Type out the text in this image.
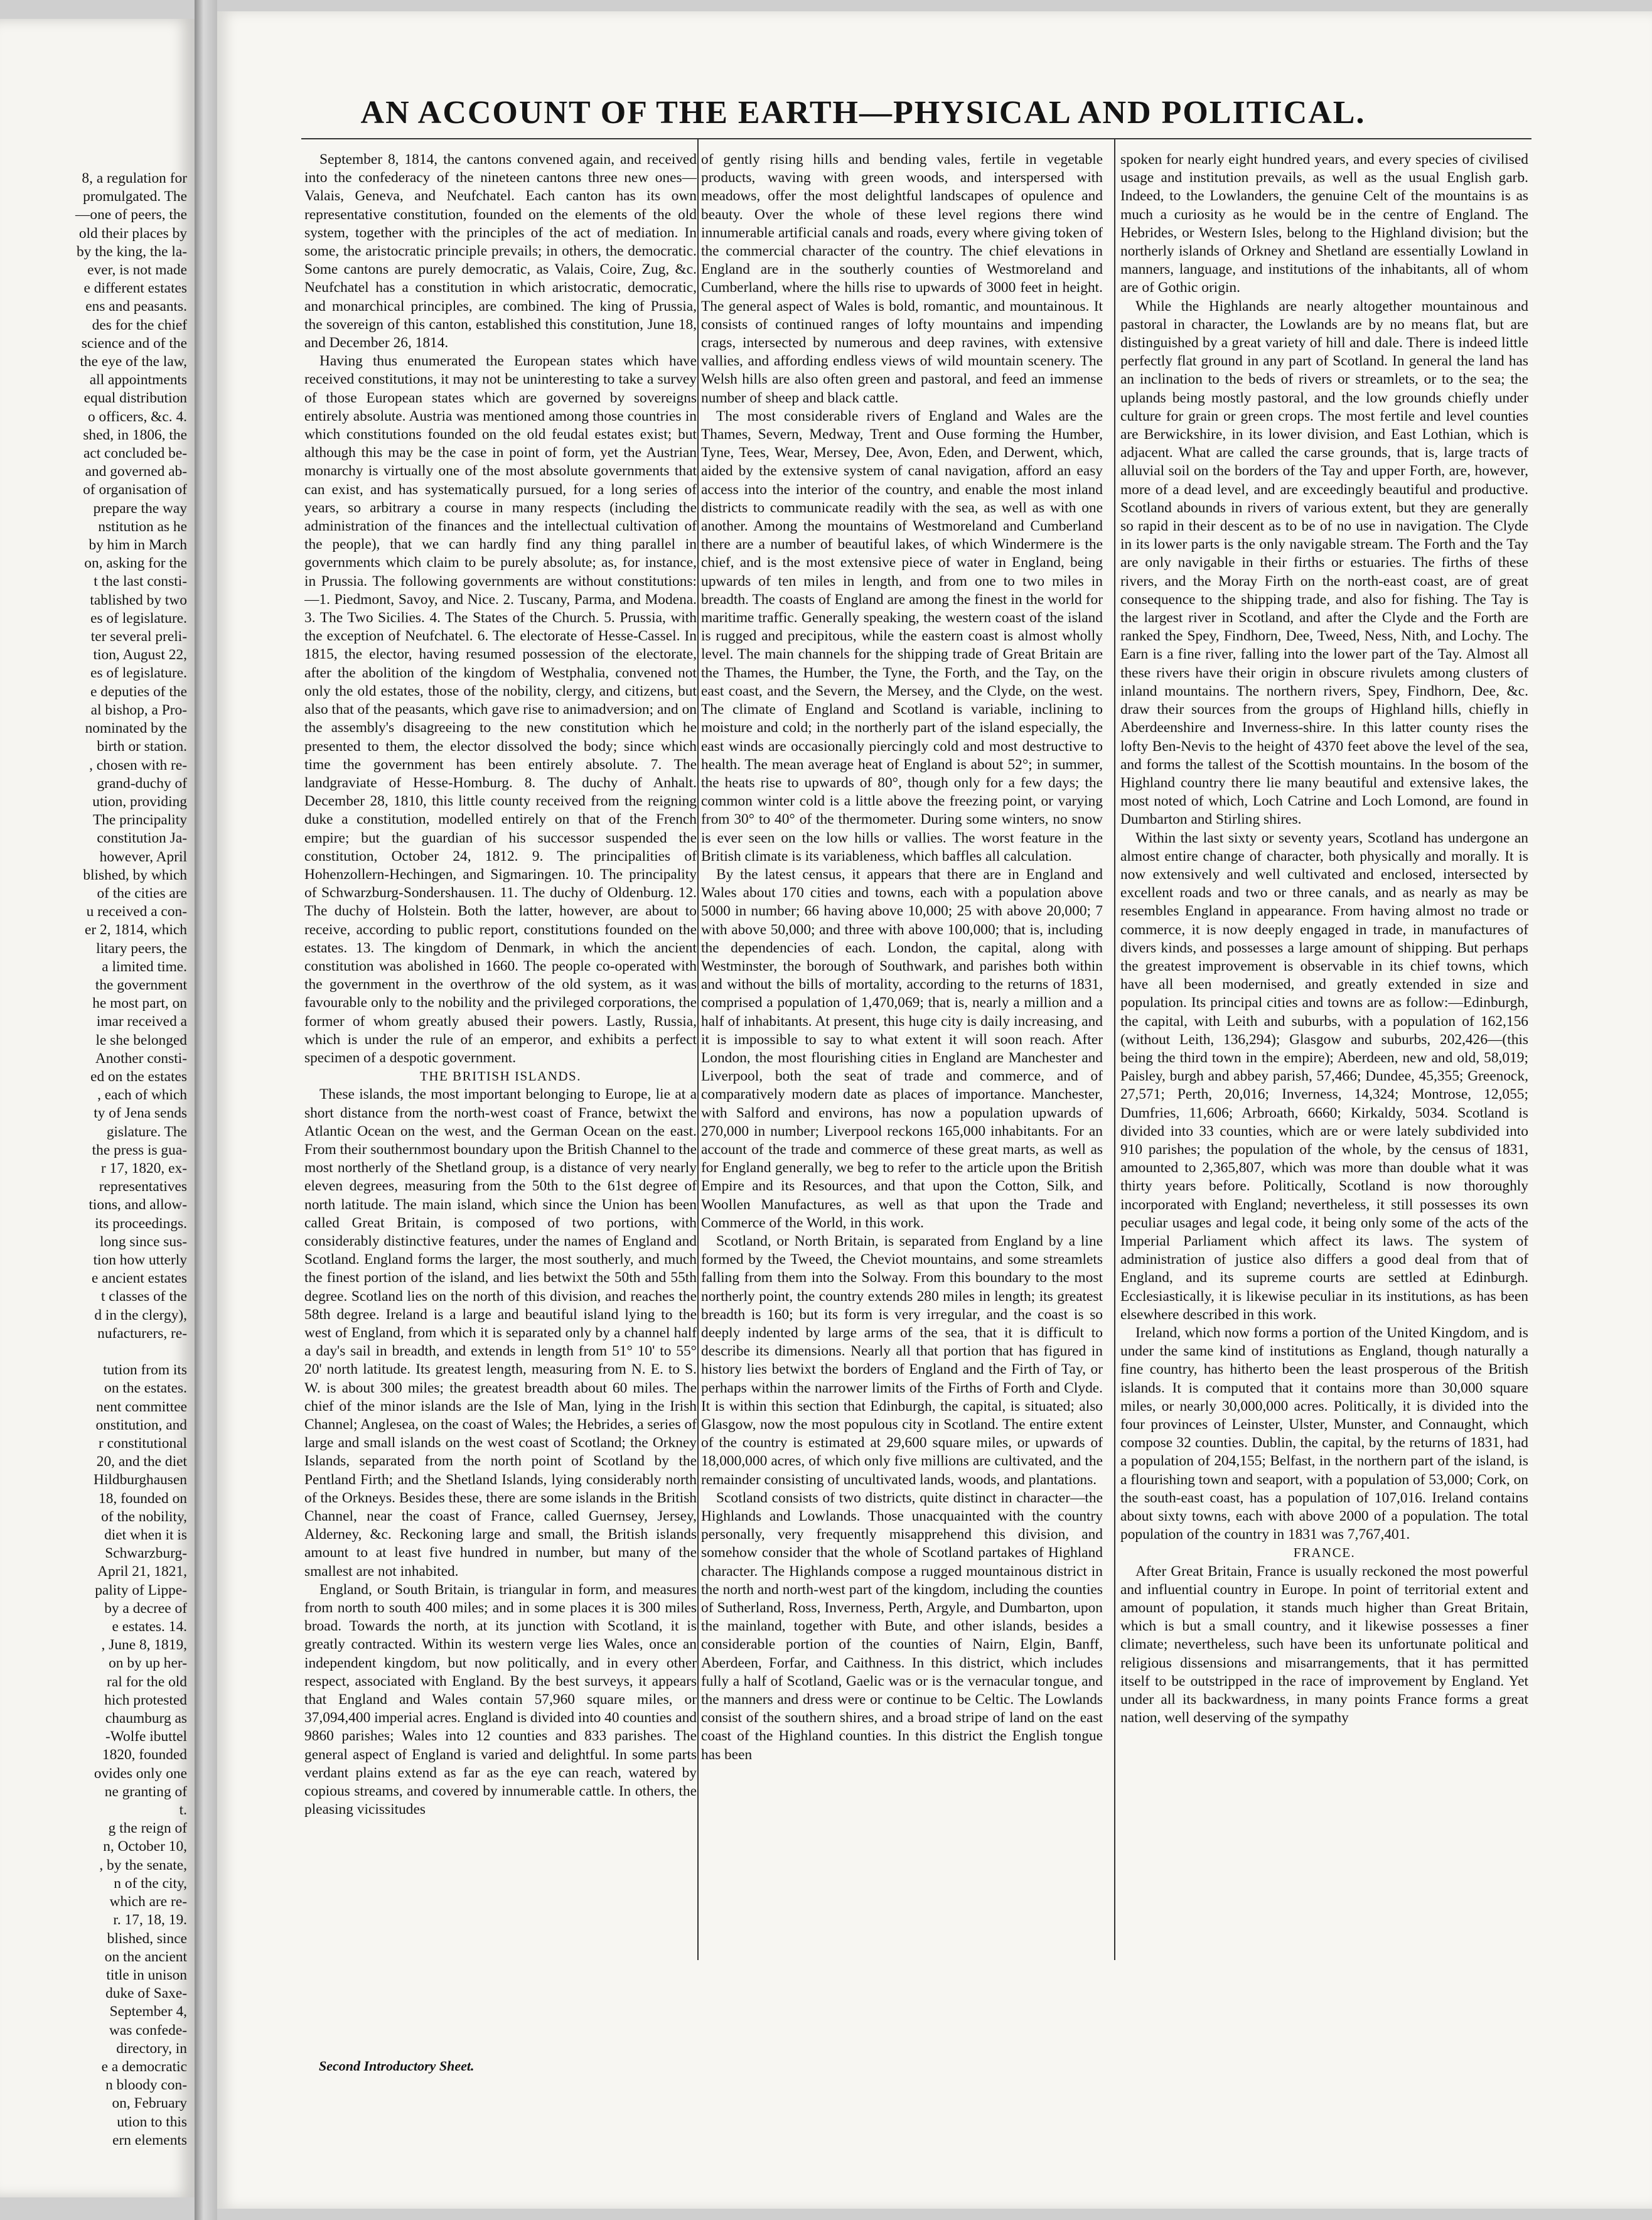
8, a regulation for
promulgated. The
—one of peers, the
old their places by
by the king, the la-
ever, is not made
e different estates
ens and peasants.
des for the chief
science and of the
the eye of the law,
all appointments
equal distribution
o officers, &c. 4.
shed, in 1806, the
act concluded be-
and governed ab-
of organisation of
prepare the way
nstitution as he
by him in March
on, asking for the
t the last consti-
tablished by two
es of legislature.
ter several preli-
tion, August 22,
es of legislature.
e deputies of the
al bishop, a Pro-
nominated by the
birth or station.
, chosen with re-
grand-duchy of
ution, providing
The principality
constitution Ja-
however, April
blished, by which
of the cities are
u received a con-
er 2, 1814, which
litary peers, the
a limited time.
the government
he most part, on
imar received a
le she belonged
Another consti-
ed on the estates
, each of which
ty of Jena sends
gislature. The
the press is gua-
r 17, 1820, ex-
representatives
tions, and allow-
its proceedings.
long since sus-
tion how utterly
e ancient estates
t classes of the
d in the clergy),
nufacturers, re-

tution from its
on the estates.
nent committee
onstitution, and
r constitutional
20, and the diet
Hildburghausen
18, founded on
of the nobility,
diet when it is
Schwarzburg-
April 21, 1821,
pality of Lippe-
by a decree of
e estates. 14.
, June 8, 1819,
on by up her-
ral for the old
hich protested
chaumburg as
-Wolfe ibuttel
1820, founded
ovides only one
ne granting of
t.
g the reign of
n, October 10,
, by the senate,
n of the city,
which are re-
r. 17, 18, 19.
blished, since
on the ancient
title in unison
duke of Saxe-
September 4,
was confede-
directory, in
e a democratic
n bloody con-
on, February
ution to this
ern elements
AN ACCOUNT OF THE EARTH—PHYSICAL AND POLITICAL.

September 8, 1814, the cantons convened again, and received into the confederacy of the nineteen cantons three new ones—Valais, Geneva, and Neufchatel. Each canton has its own representative constitution, founded on the elements of the old system, together with the principles of the act of mediation. In some, the aristocratic principle prevails; in others, the democratic. Some cantons are purely democratic, as Valais, Coire, Zug, &c. Neufchatel has a constitution in which aristocratic, democratic, and monarchical principles, are combined. The king of Prussia, the sovereign of this canton, established this constitution, June 18, and December 26, 1814.

Having thus enumerated the European states which have received constitutions, it may not be uninteresting to take a survey of those European states which are governed by sovereigns entirely absolute. Austria was mentioned among those countries in which constitutions founded on the old feudal estates exist; but although this may be the case in point of form, yet the Austrian monarchy is virtually one of the most absolute governments that can exist, and has systematically pursued, for a long series of years, so arbitrary a course in many respects (including the administration of the finances and the intellectual cultivation of the people), that we can hardly find any thing parallel in governments which claim to be purely absolute; as, for instance, in Prussia. The following governments are without constitutions:—1. Piedmont, Savoy, and Nice. 2. Tuscany, Parma, and Modena. 3. The Two Sicilies. 4. The States of the Church. 5. Prussia, with the exception of Neufchatel. 6. The electorate of Hesse-Cassel. In 1815, the elector, having resumed possession of the electorate, after the abolition of the kingdom of Westphalia, convened not only the old estates, those of the nobility, clergy, and citizens, but also that of the peasants, which gave rise to animadversion; and on the assembly's disagreeing to the new constitution which he presented to them, the elector dissolved the body; since which time the government has been entirely absolute. 7. The landgraviate of Hesse-Homburg. 8. The duchy of Anhalt. December 28, 1810, this little county received from the reigning duke a constitution, modelled entirely on that of the French empire; but the guardian of his successor suspended the constitution, October 24, 1812. 9. The principalities of Hohenzollern-Hechingen, and Sigmaringen. 10. The principality of Schwarzburg-Sondershausen. 11. The duchy of Oldenburg. 12. The duchy of Holstein. Both the latter, however, are about to receive, according to public report, constitutions founded on the estates. 13. The kingdom of Denmark, in which the ancient constitution was abolished in 1660. The people co-operated with the government in the overthrow of the old system, as it was favourable only to the nobility and the privileged corporations, the former of whom greatly abused their powers. Lastly, Russia, which is under the rule of an emperor, and exhibits a perfect specimen of a despotic government.

THE BRITISH ISLANDS.

These islands, the most important belonging to Europe, lie at a short distance from the north-west coast of France, betwixt the Atlantic Ocean on the west, and the German Ocean on the east. From their southernmost boundary upon the British Channel to the most northerly of the Shetland group, is a distance of very nearly eleven degrees, measuring from the 50th to the 61st degree of north latitude. The main island, which since the Union has been called Great Britain, is composed of two portions, with considerably distinctive features, under the names of England and Scotland. England forms the larger, the most southerly, and much the finest portion of the island, and lies betwixt the 50th and 55th degree. Scotland lies on the north of this division, and reaches the 58th degree. Ireland is a large and beautiful island lying to the west of England, from which it is separated only by a channel half a day's sail in breadth, and extends in length from 51° 10' to 55° 20' north latitude. Its greatest length, measuring from N. E. to S. W. is about 300 miles; the greatest breadth about 60 miles. The chief of the minor islands are the Isle of Man, lying in the Irish Channel; Anglesea, on the coast of Wales; the Hebrides, a series of large and small islands on the west coast of Scotland; the Orkney Islands, separated from the north point of Scotland by the Pentland Firth; and the Shetland Islands, lying considerably north of the Orkneys. Besides these, there are some islands in the British Channel, near the coast of France, called Guernsey, Jersey, Alderney, &c. Reckoning large and small, the British islands amount to at least five hundred in number, but many of the smallest are not inhabited.

England, or South Britain, is triangular in form, and measures from north to south 400 miles; and in some places it is 300 miles broad. Towards the north, at its junction with Scotland, it is greatly contracted. Within its western verge lies Wales, once an independent kingdom, but now politically, and in every other respect, associated with England. By the best surveys, it appears that England and Wales contain 57,960 square miles, or 37,094,400 imperial acres. England is divided into 40 counties and 9860 parishes; Wales into 12 counties and 833 parishes. The general aspect of England is varied and delightful. In some parts verdant plains extend as far as the eye can reach, watered by copious streams, and covered by innumerable cattle. In others, the pleasing vicissitudes

of gently rising hills and bending vales, fertile in vegetable products, waving with green woods, and interspersed with meadows, offer the most delightful landscapes of opulence and beauty. Over the whole of these level regions there wind innumerable artificial canals and roads, every where giving token of the commercial character of the country. The chief elevations in England are in the southerly counties of Westmoreland and Cumberland, where the hills rise to upwards of 3000 feet in height. The general aspect of Wales is bold, romantic, and mountainous. It consists of continued ranges of lofty mountains and impending crags, intersected by numerous and deep ravines, with extensive vallies, and affording endless views of wild mountain scenery. The Welsh hills are also often green and pastoral, and feed an immense number of sheep and black cattle.

The most considerable rivers of England and Wales are the Thames, Severn, Medway, Trent and Ouse forming the Humber, Tyne, Tees, Wear, Mersey, Dee, Avon, Eden, and Derwent, which, aided by the extensive system of canal navigation, afford an easy access into the interior of the country, and enable the most inland districts to communicate readily with the sea, as well as with one another. Among the mountains of Westmoreland and Cumberland there are a number of beautiful lakes, of which Windermere is the chief, and is the most extensive piece of water in England, being upwards of ten miles in length, and from one to two miles in breadth. The coasts of England are among the finest in the world for maritime traffic. Generally speaking, the western coast of the island is rugged and precipitous, while the eastern coast is almost wholly level. The main channels for the shipping trade of Great Britain are the Thames, the Humber, the Tyne, the Forth, and the Tay, on the east coast, and the Severn, the Mersey, and the Clyde, on the west. The climate of England and Scotland is variable, inclining to moisture and cold; in the northerly part of the island especially, the east winds are occasionally piercingly cold and most destructive to health. The mean average heat of England is about 52°; in summer, the heats rise to upwards of 80°, though only for a few days; the common winter cold is a little above the freezing point, or varying from 30° to 40° of the thermometer. During some winters, no snow is ever seen on the low hills or vallies. The worst feature in the British climate is its variableness, which baffles all calculation.

By the latest census, it appears that there are in England and Wales about 170 cities and towns, each with a population above 5000 in number; 66 having above 10,000; 25 with above 20,000; 7 with above 50,000; and three with above 100,000; that is, including the dependencies of each. London, the capital, along with Westminster, the borough of Southwark, and parishes both within and without the bills of mortality, according to the returns of 1831, comprised a population of 1,470,069; that is, nearly a million and a half of inhabitants. At present, this huge city is daily increasing, and it is impossible to say to what extent it will soon reach. After London, the most flourishing cities in England are Manchester and Liverpool, both the seat of trade and commerce, and of comparatively modern date as places of importance. Manchester, with Salford and environs, has now a population upwards of 270,000 in number; Liverpool reckons 165,000 inhabitants. For an account of the trade and commerce of these great marts, as well as for England generally, we beg to refer to the article upon the British Empire and its Resources, and that upon the Cotton, Silk, and Woollen Manufactures, as well as that upon the Trade and Commerce of the World, in this work.

Scotland, or North Britain, is separated from England by a line formed by the Tweed, the Cheviot mountains, and some streamlets falling from them into the Solway. From this boundary to the most northerly point, the country extends 280 miles in length; its greatest breadth is 160; but its form is very irregular, and the coast is so deeply indented by large arms of the sea, that it is difficult to describe its dimensions. Nearly all that portion that has figured in history lies betwixt the borders of England and the Firth of Tay, or perhaps within the narrower limits of the Firths of Forth and Clyde. It is within this section that Edinburgh, the capital, is situated; also Glasgow, now the most populous city in Scotland. The entire extent of the country is estimated at 29,600 square miles, or upwards of 18,000,000 acres, of which only five millions are cultivated, and the remainder consisting of uncultivated lands, woods, and plantations.

Scotland consists of two districts, quite distinct in character—the Highlands and Lowlands. Those unacquainted with the country personally, very frequently misapprehend this division, and somehow consider that the whole of Scotland partakes of Highland character. The Highlands compose a rugged mountainous district in the north and north-west part of the kingdom, including the counties of Sutherland, Ross, Inverness, Perth, Argyle, and Dumbarton, upon the mainland, together with Bute, and other islands, besides a considerable portion of the counties of Nairn, Elgin, Banff, Aberdeen, Forfar, and Caithness. In this district, which includes fully a half of Scotland, Gaelic was or is the vernacular tongue, and the manners and dress were or continue to be Celtic. The Lowlands consist of the southern shires, and a broad stripe of land on the east coast of the Highland counties. In this district the English tongue has been

spoken for nearly eight hundred years, and every species of civilised usage and institution prevails, as well as the usual English garb. Indeed, to the Lowlanders, the genuine Celt of the mountains is as much a curiosity as he would be in the centre of England. The Hebrides, or Western Isles, belong to the Highland division; but the northerly islands of Orkney and Shetland are essentially Lowland in manners, language, and institutions of the inhabitants, all of whom are of Gothic origin.

While the Highlands are nearly altogether mountainous and pastoral in character, the Lowlands are by no means flat, but are distinguished by a great variety of hill and dale. There is indeed little perfectly flat ground in any part of Scotland. In general the land has an inclination to the beds of rivers or streamlets, or to the sea; the uplands being mostly pastoral, and the low grounds chiefly under culture for grain or green crops. The most fertile and level counties are Berwickshire, in its lower division, and East Lothian, which is adjacent. What are called the carse grounds, that is, large tracts of alluvial soil on the borders of the Tay and upper Forth, are, however, more of a dead level, and are exceedingly beautiful and productive. Scotland abounds in rivers of various extent, but they are generally so rapid in their descent as to be of no use in navigation. The Clyde in its lower parts is the only navigable stream. The Forth and the Tay are only navigable in their firths or estuaries. The firths of these rivers, and the Moray Firth on the north-east coast, are of great consequence to the shipping trade, and also for fishing. The Tay is the largest river in Scotland, and after the Clyde and the Forth are ranked the Spey, Findhorn, Dee, Tweed, Ness, Nith, and Lochy. The Earn is a fine river, falling into the lower part of the Tay. Almost all these rivers have their origin in obscure rivulets among clusters of inland mountains. The northern rivers, Spey, Findhorn, Dee, &c. draw their sources from the groups of Highland hills, chiefly in Aberdeenshire and Inverness-shire. In this latter county rises the lofty Ben-Nevis to the height of 4370 feet above the level of the sea, and forms the tallest of the Scottish mountains. In the bosom of the Highland country there lie many beautiful and extensive lakes, the most noted of which, Loch Catrine and Loch Lomond, are found in Dumbarton and Stirling shires.

Within the last sixty or seventy years, Scotland has undergone an almost entire change of character, both physically and morally. It is now extensively and well cultivated and enclosed, intersected by excellent roads and two or three canals, and as nearly as may be resembles England in appearance. From having almost no trade or commerce, it is now deeply engaged in trade, in manufactures of divers kinds, and possesses a large amount of shipping. But perhaps the greatest improvement is observable in its chief towns, which have all been modernised, and greatly extended in size and population. Its principal cities and towns are as follow:—Edinburgh, the capital, with Leith and suburbs, with a population of 162,156 (without Leith, 136,294); Glasgow and suburbs, 202,426—(this being the third town in the empire); Aberdeen, new and old, 58,019; Paisley, burgh and abbey parish, 57,466; Dundee, 45,355; Greenock, 27,571; Perth, 20,016; Inverness, 14,324; Montrose, 12,055; Dumfries, 11,606; Arbroath, 6660; Kirkaldy, 5034. Scotland is divided into 33 counties, which are or were lately subdivided into 910 parishes; the population of the whole, by the census of 1831, amounted to 2,365,807, which was more than double what it was thirty years before. Politically, Scotland is now thoroughly incorporated with England; nevertheless, it still possesses its own peculiar usages and legal code, it being only some of the acts of the Imperial Parliament which affect its laws. The system of administration of justice also differs a good deal from that of England, and its supreme courts are settled at Edinburgh. Ecclesiastically, it is likewise peculiar in its institutions, as has been elsewhere described in this work.

Ireland, which now forms a portion of the United Kingdom, and is under the same kind of institutions as England, though naturally a fine country, has hitherto been the least prosperous of the British islands. It is computed that it contains more than 30,000 square miles, or nearly 30,000,000 acres. Politically, it is divided into the four provinces of Leinster, Ulster, Munster, and Connaught, which compose 32 counties. Dublin, the capital, by the returns of 1831, had a population of 204,155; Belfast, in the northern part of the island, is a flourishing town and seaport, with a population of 53,000; Cork, on the south-east coast, has a population of 107,016. Ireland contains about sixty towns, each with above 2000 of a population. The total population of the country in 1831 was 7,767,401.

FRANCE.

After Great Britain, France is usually reckoned the most powerful and influential country in Europe. In point of territorial extent and amount of population, it stands much higher than Great Britain, which is but a small country, and it likewise possesses a finer climate; nevertheless, such have been its unfortunate political and religious dissensions and misarrangements, that it has permitted itself to be outstripped in the race of improvement by England. Yet under all its backwardness, in many points France forms a great nation, well deserving of the sympathy

Second Introductory Sheet.
